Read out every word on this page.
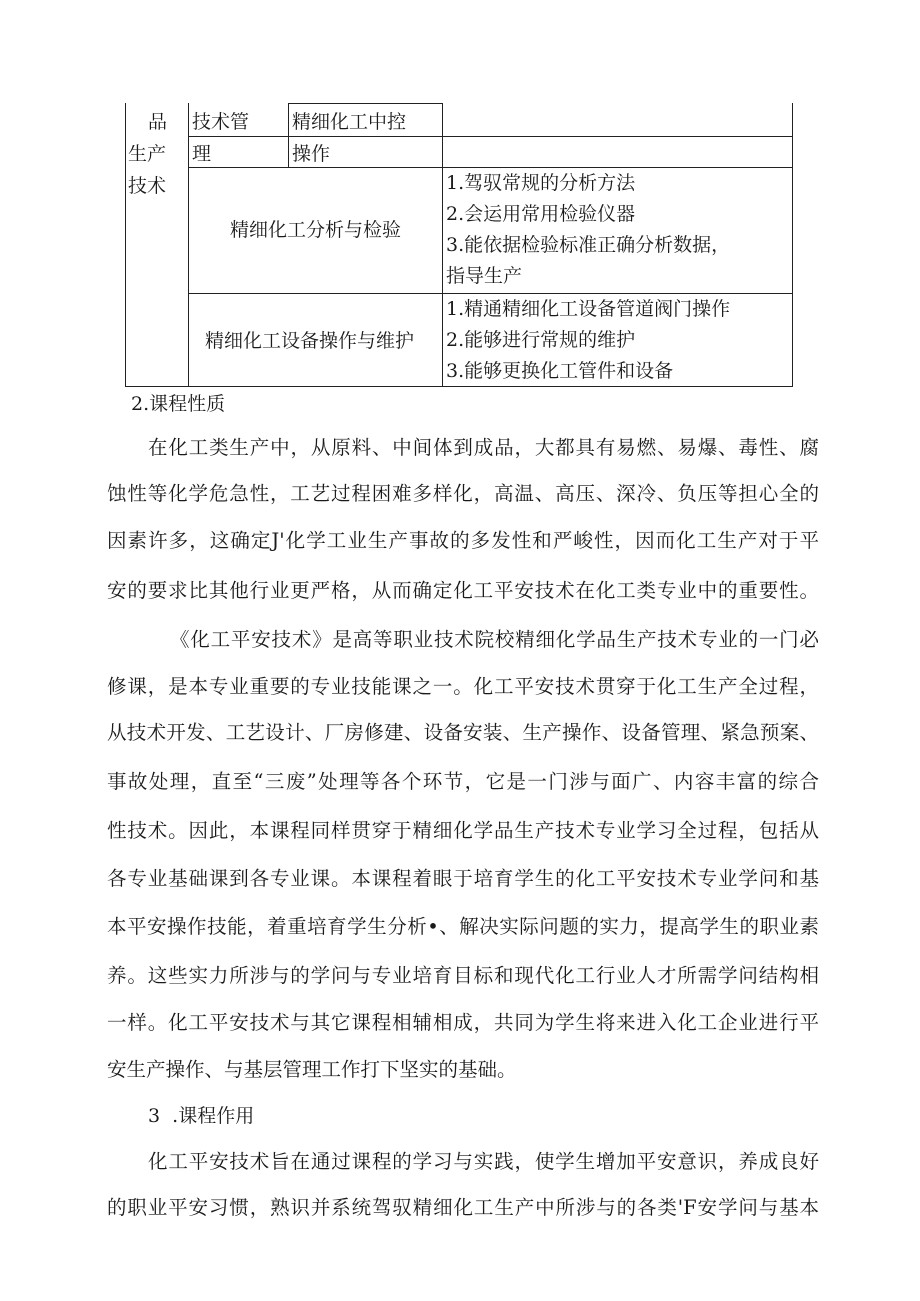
品 技术管 精细化工中控
生产 理	操作
技术
精细化工分析与检验
1.驾驭常规的分析方法
2.会运用常用检验仪器
3.能依据检验标准正确分析数据，
指导生产
精细化工设备操作与维护
1.精通精细化工设备管道阀门操作
2.能够进行常规的维护
3.能够更换化工管件和设备
2.课程性质
在化工类生产中，从原料、中间体到成品，大都具有易燃、易爆、毒性、腐
蚀性等化学危急性，工艺过程困难多样化，高温、高压、深冷、负压等担心全的
因素许多，这确定J'化学工业生产事故的多发性和严峻性，因而化工生产对于平
安的要求比其他行业更严格，从而确定化工平安技术在化工类专业中的重要性。
《化工平安技术》是高等职业技术院校精细化学品生产技术专业的一门必
修课，是本专业重要的专业技能课之一。化工平安技术贯穿于化工生产全过程，
从技术开发、工艺设计、厂房修建、设备安装、生产操作、设备管理、紧急预案、
事故处理，直至“三废”处理等各个环节，它是一门涉与面广、内容丰富的综合
性技术。因此，本课程同样贯穿于精细化学品生产技术专业学习全过程，包括从
各专业基础课到各专业课。本课程着眼于培育学生的化工平安技术专业学问和基
本平安操作技能，着重培育学生分析•、解决实际问题的实力，提高学生的职业素
养。这些实力所涉与的学问与专业培育目标和现代化工行业人才所需学问结构相
一样。化工平安技术与其它课程相辅相成，共同为学生将来进入化工企业进行平
安生产操作、与基层管理工作打下坚实的基础。
3  .课程作用
化工平安技术旨在通过课程的学习与实践，使学生增加平安意识，养成良好
的职业平安习惯，熟识并系统驾驭精细化工生产中所涉与的各类'F安学问与基本
